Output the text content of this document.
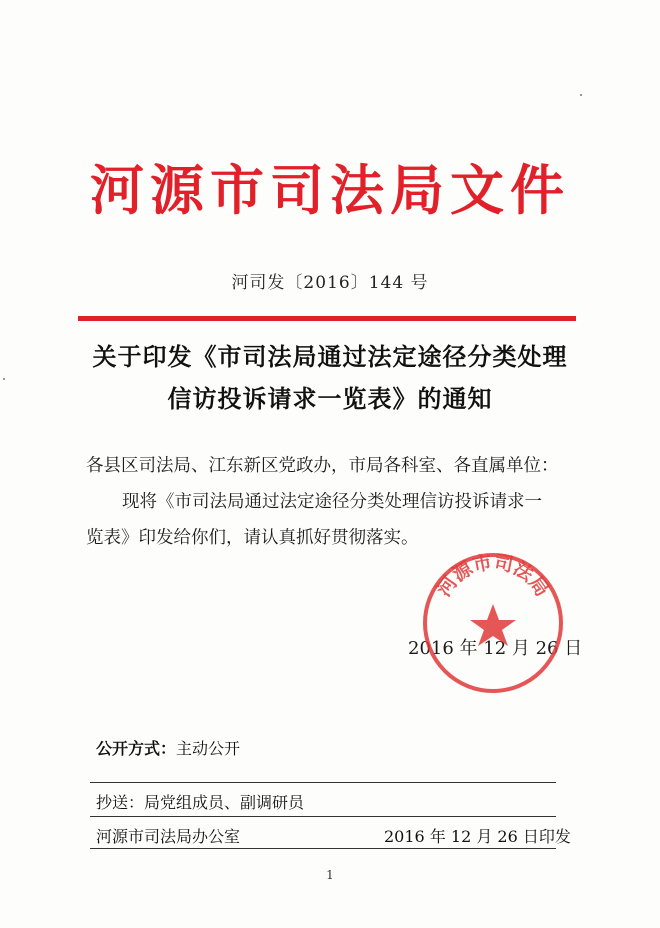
河源市司法局文件
河司发〔2016〕144 号
关于印发《市司法局通过法定途径分类处理
信访投诉请求一览表》的通知
各县区司法局、江东新区党政办，市局各科室、各直属单位：
现将《市司法局通过法定途径分类处理信访投诉请求一
览表》印发给你们，请认真抓好贯彻落实。
2016 年 12 月 26 日
河源市司法局
公开方式：主动公开
抄送：局党组成员、副调研员
河源市司法局办公室	2016 年 12 月 26 日印发
1
